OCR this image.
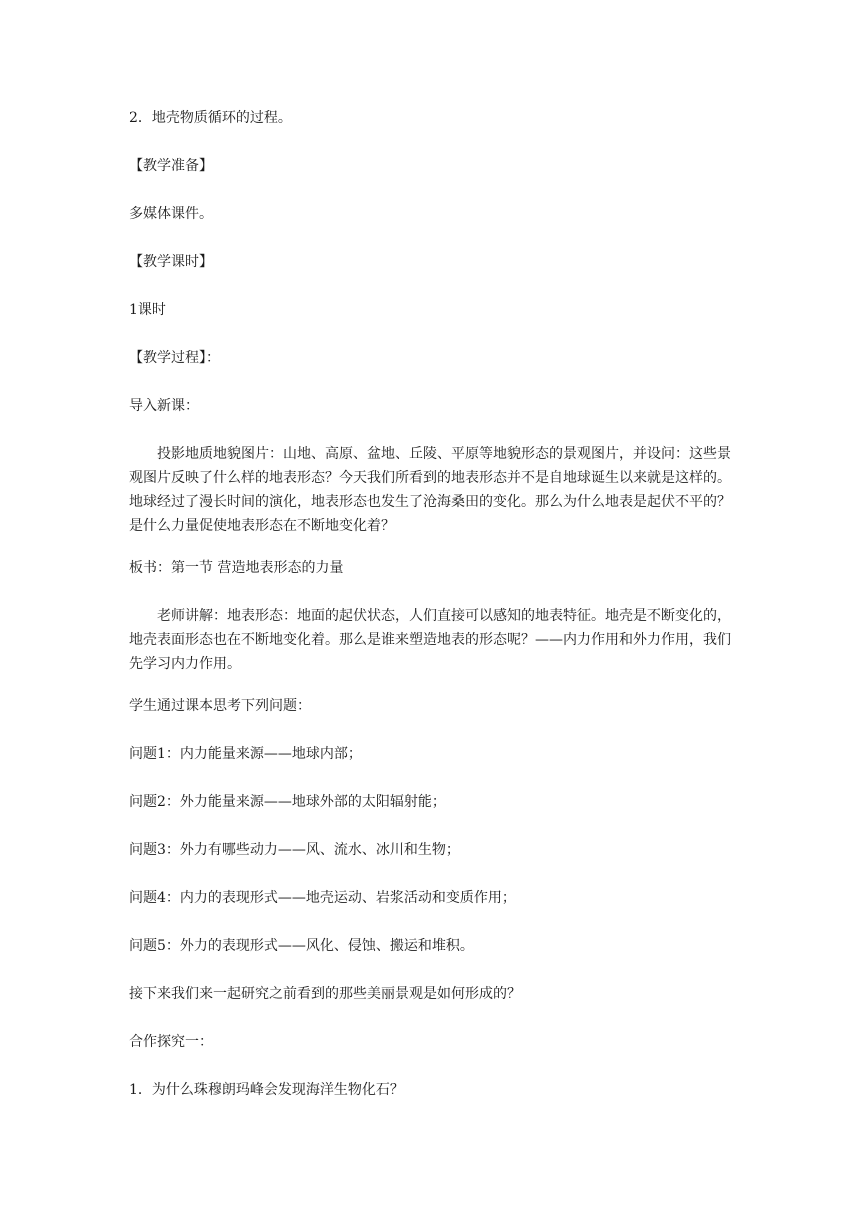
2．地壳物质循环的过程。

【教学准备】

多媒体课件。

【教学课时】

1课时

【教学过程】：

导入新课：

投影地质地貌图片：山地、高原、盆地、丘陵、平原等地貌形态的景观图片，并设问：这些景观图片反映了什么样的地表形态？今天我们所看到的地表形态并不是自地球诞生以来就是这样的。地球经过了漫长时间的演化，地表形态也发生了沧海桑田的变化。那么为什么地表是起伏不平的？是什么力量促使地表形态在不断地变化着？

板书：第一节 营造地表形态的力量

老师讲解：地表形态：地面的起伏状态，人们直接可以感知的地表特征。地壳是不断变化的，地壳表面形态也在不断地变化着。那么是谁来塑造地表的形态呢？——内力作用和外力作用，我们先学习内力作用。

学生通过课本思考下列问题：

问题1：内力能量来源——地球内部；

问题2：外力能量来源——地球外部的太阳辐射能；

问题3：外力有哪些动力——风、流水、冰川和生物；

问题4：内力的表现形式——地壳运动、岩浆活动和变质作用；

问题5：外力的表现形式——风化、侵蚀、搬运和堆积。

接下来我们来一起研究之前看到的那些美丽景观是如何形成的？

合作探究一：

1．为什么珠穆朗玛峰会发现海洋生物化石？
